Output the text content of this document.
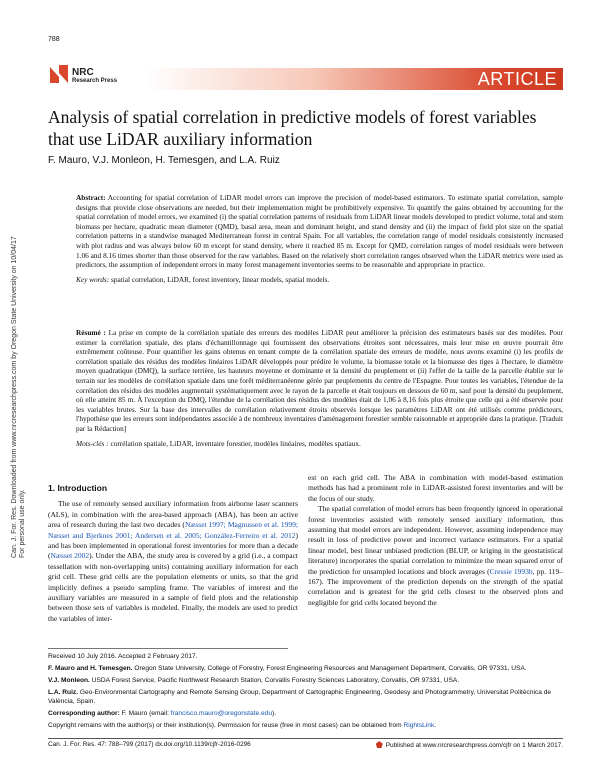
788
NRC
Research Press	ARTICLE
Analysis of spatial correlation in predictive models of forest variables that use LiDAR auxiliary information
F. Mauro, V.J. Monleon, H. Temesgen, and L.A. Ruiz
Can. J. For. Res. Downloaded from www.nrcresearchpress.com by Oregon State University on 10/04/17
For personal use only.

Abstract: Accounting for spatial correlation of LiDAR model errors can improve the precision of model-based estimators. To estimate spatial correlation, sample designs that provide close observations are needed, but their implementation might be prohibitively expensive. To quantify the gains obtained by accounting for the spatial correlation of model errors, we examined (i) the spatial correlation patterns of residuals from LiDAR linear models developed to predict volume, total and stem biomass per hectare, quadratic mean diameter (QMD), basal area, mean and dominant height, and stand density and (ii) the impact of field plot size on the spatial correlation patterns in a standwise managed Mediterranean forest in central Spain. For all variables, the correlation range of model residuals consistently increased with plot radius and was always below 60 m except for stand density, where it reached 85 m. Except for QMD, correlation ranges of model residuals were between 1.06 and 8.16 times shorter than those observed for the raw variables. Based on the relatively short correlation ranges observed when the LiDAR metrics were used as predictors, the assumption of independent errors in many forest management inventories seems to be reasonable and appropriate in practice.

Key words: spatial correlation, LiDAR, forest inventory, linear models, spatial models.

Résumé : La prise en compte de la corrélation spatiale des erreurs des modèles LiDAR peut améliorer la précision des estimateurs basés sur des modèles. Pour estimer la corrélation spatiale, des plans d'échantillonnage qui fournissent des observations étroites sont nécessaires, mais leur mise en œuvre pourrait être extrêmement coûteuse. Pour quantifier les gains obtenus en tenant compte de la corrélation spatiale des erreurs de modèle, nous avons examiné (i) les profils de corrélation spatiale des résidus des modèles linéaires LiDAR développés pour prédire le volume, la biomasse totale et la biomasse des tiges à l'hectare, le diamètre moyen quadratique (DMQ), la surface terrière, les hauteurs moyenne et dominante et la densité du peuplement et (ii) l'effet de la taille de la parcelle établie sur le terrain sur les modèles de corrélation spatiale dans une forêt méditerranéenne gérée par peuplements du centre de l'Espagne. Pour toutes les variables, l'étendue de la corrélation des résidus des modèles augmentait systématiquement avec le rayon de la parcelle et était toujours en dessous de 60 m, sauf pour la densité du peuplement, où elle atteint 85 m. À l'exception du DMQ, l'étendue de la corrélation des résidus des modèles était de 1,06 à 8,16 fois plus étroite que celle qui a été observée pour les variables brutes. Sur la base des intervalles de corrélation relativement étroits observés lorsque les paramètres LiDAR ont été utilisés comme prédicteurs, l'hypothèse que les erreurs sont indépendantes associée à de nombreux inventaires d'aménagement forestier semble raisonnable et appropriée dans la pratique. [Traduit par la Rédaction]

Mots-clés : corrélation spatiale, LiDAR, inventaire forestier, modèles linéaires, modèles spatiaux.

1. Introduction

The use of remotely sensed auxiliary information from airborne laser scanners (ALS), in combination with the area-based approach (ABA), has been an active area of research during the last two decades (Næsset 1997; Magnussen et al. 1999; Næsset and Bjerknes 2001; Andersen et al. 2005; González-Ferreiro et al. 2012) and has been implemented in operational forest inventories for more than a decade (Næsset 2002). Under the ABA, the study area is covered by a grid (i.e., a compact tessellation with non-overlapping units) containing auxiliary information for each grid cell. These grid cells are the population elements or units, so that the grid implicitly defines a pseudo sampling frame. The variables of interest and the auxiliary variables are measured in a sample of field plots and the relationship between those sets of variables is modeled. Finally, the models are used to predict the variables of inter-

est on each grid cell. The ABA in combination with model-based estimation methods has had a prominent role in LiDAR-assisted forest inventories and will be the focus of our study.

The spatial correlation of model errors has been frequently ignored in operational forest inventories assisted with remotely sensed auxiliary information, thus assuming that model errors are independent. However, assuming independence may result in loss of predictive power and incorrect variance estimators. For a spatial linear model, best linear unbiased prediction (BLUP, or kriging in the geostatistical literature) incorporates the spatial correlation to minimize the mean squared error of the prediction for unsampled locations and block averages (Cressie 1993b, pp. 119–167). The improvement of the prediction depends on the strength of the spatial correlation and is greatest for the grid cells closest to the observed plots and negligible for grid cells located beyond the

Received 10 July 2016. Accepted 2 February 2017.

F. Mauro and H. Temesgen. Oregon State University, College of Forestry, Forest Engineering Resources and Management Department, Corvallis, OR 97331, USA.

V.J. Monleon. USDA Forest Service, Pacific Northwest Research Station, Corvallis Forestry Sciences Laboratory, Corvallis, OR 97331, USA.

L.A. Ruiz. Geo-Environmental Cartography and Remote Sensing Group, Department of Cartographic Engineering, Geodesy and Photogrammetry, Universitat Politècnica de València, Spain.

Corresponding author: F. Mauro (email: francisco.mauro@oregonstate.edu).

Copyright remains with the author(s) or their institution(s). Permission for reuse (free in most cases) can be obtained from RightsLink.

Can. J. For. Res. 47: 788–799 (2017) dx.doi.org/10.1139/cjfr-2016-0296	Published at www.nrcresearchpress.com/cjfr on 1 March 2017.
